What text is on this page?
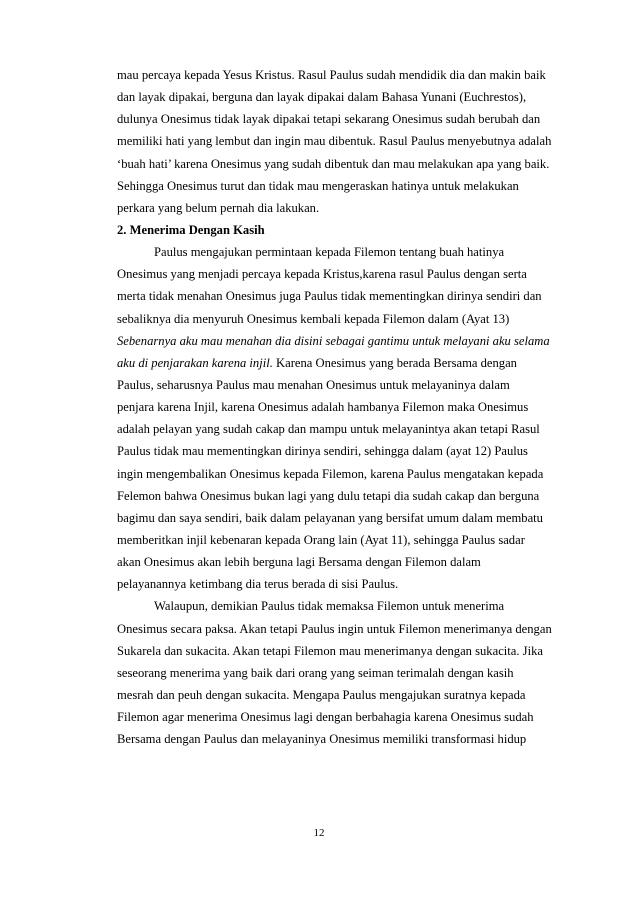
mau percaya kepada Yesus Kristus. Rasul Paulus sudah mendidik dia dan makin baik
dan layak dipakai, berguna dan layak dipakai dalam Bahasa Yunani (Euchrestos),
dulunya Onesimus tidak layak dipakai tetapi sekarang Onesimus sudah berubah dan
memiliki hati yang lembut dan ingin mau dibentuk. Rasul Paulus menyebutnya adalah
‘buah hati’ karena Onesimus yang sudah dibentuk dan mau melakukan apa yang baik.
Sehingga Onesimus turut dan tidak mau mengeraskan hatinya untuk melakukan
perkara yang belum pernah dia lakukan.
2. Menerima Dengan Kasih
Paulus mengajukan permintaan kepada Filemon tentang buah hatinya
Onesimus yang menjadi percaya kepada Kristus,karena rasul Paulus dengan serta
merta tidak menahan Onesimus juga Paulus tidak mementingkan dirinya sendiri dan
sebaliknya dia menyuruh Onesimus kembali kepada Filemon dalam (Ayat 13)
Sebenarnya aku mau menahan dia disini sebagai gantimu untuk melayani aku selama
aku di penjarakan karena injil. Karena Onesimus yang berada Bersama dengan
Paulus, seharusnya Paulus mau menahan Onesimus untuk melayaninya dalam
penjara karena Injil, karena Onesimus adalah hambanya Filemon maka Onesimus
adalah pelayan yang sudah cakap dan mampu untuk melayanintya akan tetapi Rasul
Paulus tidak mau mementingkan dirinya sendiri, sehingga dalam (ayat 12) Paulus
ingin mengembalikan Onesimus kepada Filemon, karena Paulus mengatakan kepada
Felemon bahwa Onesimus bukan lagi yang dulu tetapi dia sudah cakap dan berguna
bagimu dan saya sendiri, baik dalam pelayanan yang bersifat umum dalam membatu
memberitkan injil kebenaran kepada Orang lain (Ayat 11), sehingga Paulus sadar
akan Onesimus akan lebih berguna lagi Bersama dengan Filemon dalam
pelayanannya ketimbang dia terus berada di sisi Paulus.
Walaupun, demikian Paulus tidak memaksa Filemon untuk menerima
Onesimus secara paksa. Akan tetapi Paulus ingin untuk Filemon menerimanya dengan
Sukarela dan sukacita. Akan tetapi Filemon mau menerimanya dengan sukacita. Jika
seseorang menerima yang baik dari orang yang seiman terimalah dengan kasih
mesrah dan peuh dengan sukacita. Mengapa Paulus mengajukan suratnya kepada
Filemon agar menerima Onesimus lagi dengan berbahagia karena Onesimus sudah
Bersama dengan Paulus dan melayaninya Onesimus memiliki transformasi hidup
12
